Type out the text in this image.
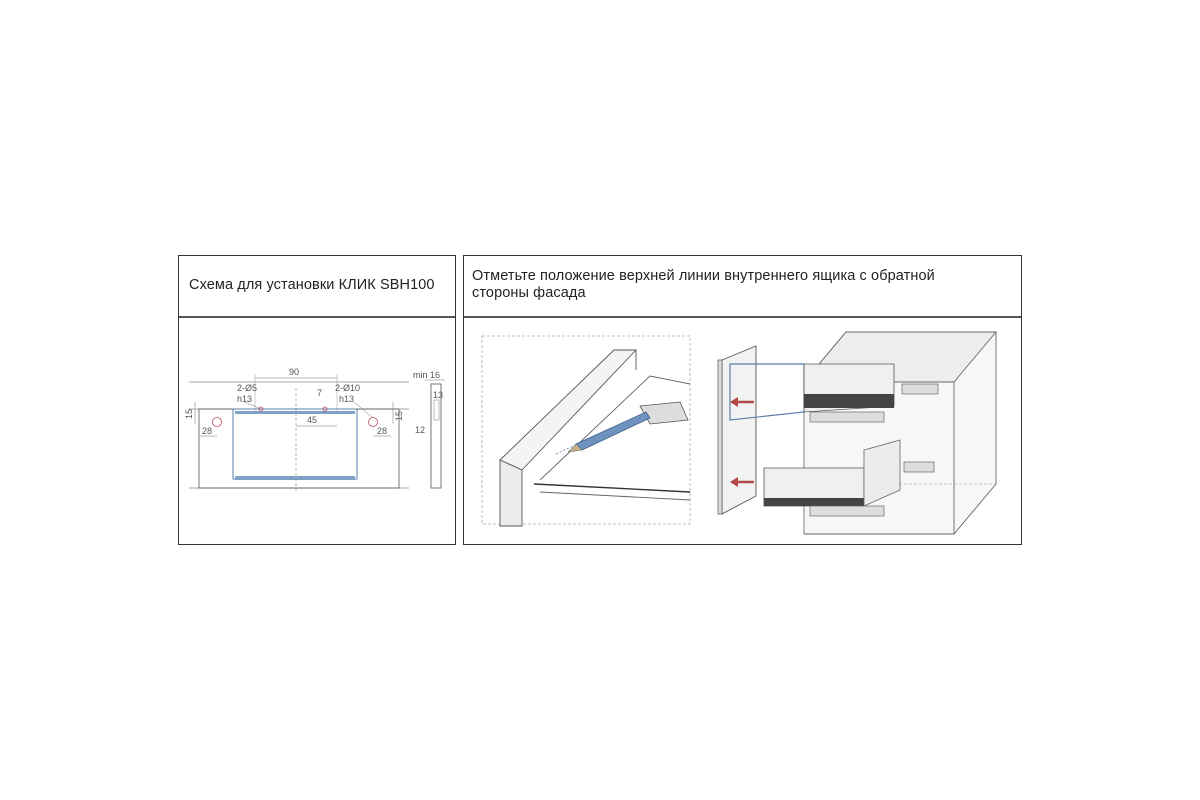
Схема для установки КЛИК SBH100
90
45
7
2-Ø5
h13
2-Ø10
h13
28	28
15	15
min 16
13
12
Отметьте положение верхней линии внутреннего ящика с обратной
стороны фасада
